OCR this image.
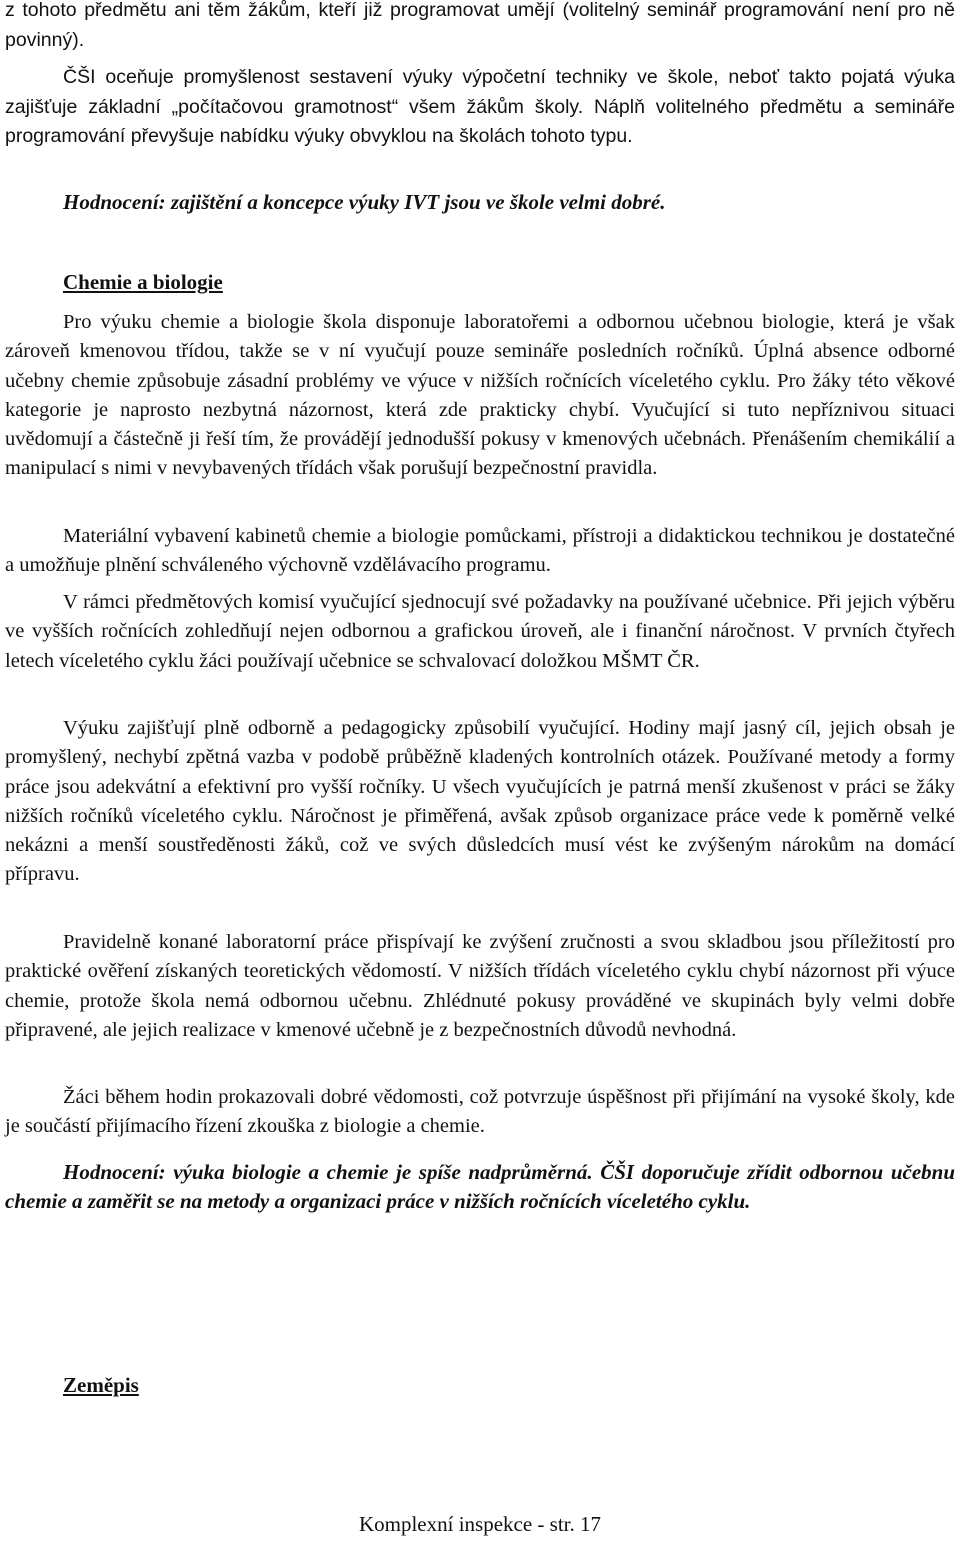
z tohoto předmětu ani těm žákům, kteří již programovat umějí (volitelný seminář programování není pro ně povinný).

ČŠI oceňuje promyšlenost sestavení výuky výpočetní techniky ve škole, neboť takto pojatá výuka zajišťuje základní „počítačovou gramotnost“ všem žákům školy. Náplň volitelného předmětu a semináře programování převyšuje nabídku výuky obvyklou na školách tohoto typu.

Hodnocení: zajištění a koncepce výuky IVT jsou ve škole velmi dobré.

Chemie a biologie

Pro výuku chemie a biologie škola disponuje laboratořemi a odbornou učebnou biologie, která je však zároveň kmenovou třídou, takže se v ní vyučují pouze semináře posledních ročníků. Úplná absence odborné učebny chemie způsobuje zásadní problémy ve výuce v nižších ročnících víceletého cyklu. Pro žáky této věkové kategorie je naprosto nezbytná názornost, která zde prakticky chybí. Vyučující si tuto nepříznivou situaci uvědomují a částečně ji řeší tím, že provádějí jednodušší pokusy v kmenových učebnách. Přenášením chemikálií a manipulací s nimi v nevybavených třídách však porušují bezpečnostní pravidla.

Materiální vybavení kabinetů chemie a biologie pomůckami, přístroji a didaktickou technikou je dostatečné a umožňuje plnění schváleného výchovně vzdělávacího programu.

V rámci předmětových komisí vyučující sjednocují své požadavky na používané učebnice. Při jejich výběru ve vyšších ročnících zohledňují nejen odbornou a grafickou úroveň, ale i finanční náročnost. V prvních čtyřech letech víceletého cyklu žáci používají učebnice se schvalovací doložkou MŠMT ČR.

Výuku zajišťují plně odborně a pedagogicky způsobilí vyučující. Hodiny mají jasný cíl, jejich obsah je promyšlený, nechybí zpětná vazba v podobě průběžně kladených kontrolních otázek. Používané metody a formy práce jsou adekvátní a efektivní pro vyšší ročníky. U všech vyučujících je patrná menší zkušenost v práci se žáky nižších ročníků víceletého cyklu. Náročnost je přiměřená, avšak způsob organizace práce vede k poměrně velké nekázni a menší soustředěnosti žáků, což ve svých důsledcích musí vést ke zvýšeným nárokům na domácí přípravu.

Pravidelně konané laboratorní práce přispívají ke zvýšení zručnosti a svou skladbou jsou příležitostí pro praktické ověření získaných teoretických vědomostí. V nižších třídách víceletého cyklu chybí názornost při výuce chemie, protože škola nemá odbornou učebnu. Zhlédnuté pokusy prováděné ve skupinách byly velmi dobře připravené, ale jejich realizace v kmenové učebně je z bezpečnostních důvodů nevhodná.

Žáci během hodin prokazovali dobré vědomosti, což potvrzuje úspěšnost při přijímání na vysoké školy, kde je součástí přijímacího řízení zkouška z biologie a chemie.

Hodnocení: výuka biologie a chemie je spíše nadprůměrná. ČŠI doporučuje zřídit odbornou učebnu chemie a zaměřit se na metody a organizaci práce v nižších ročnících víceletého cyklu.

Zeměpis
Komplexní inspekce - str. 17
